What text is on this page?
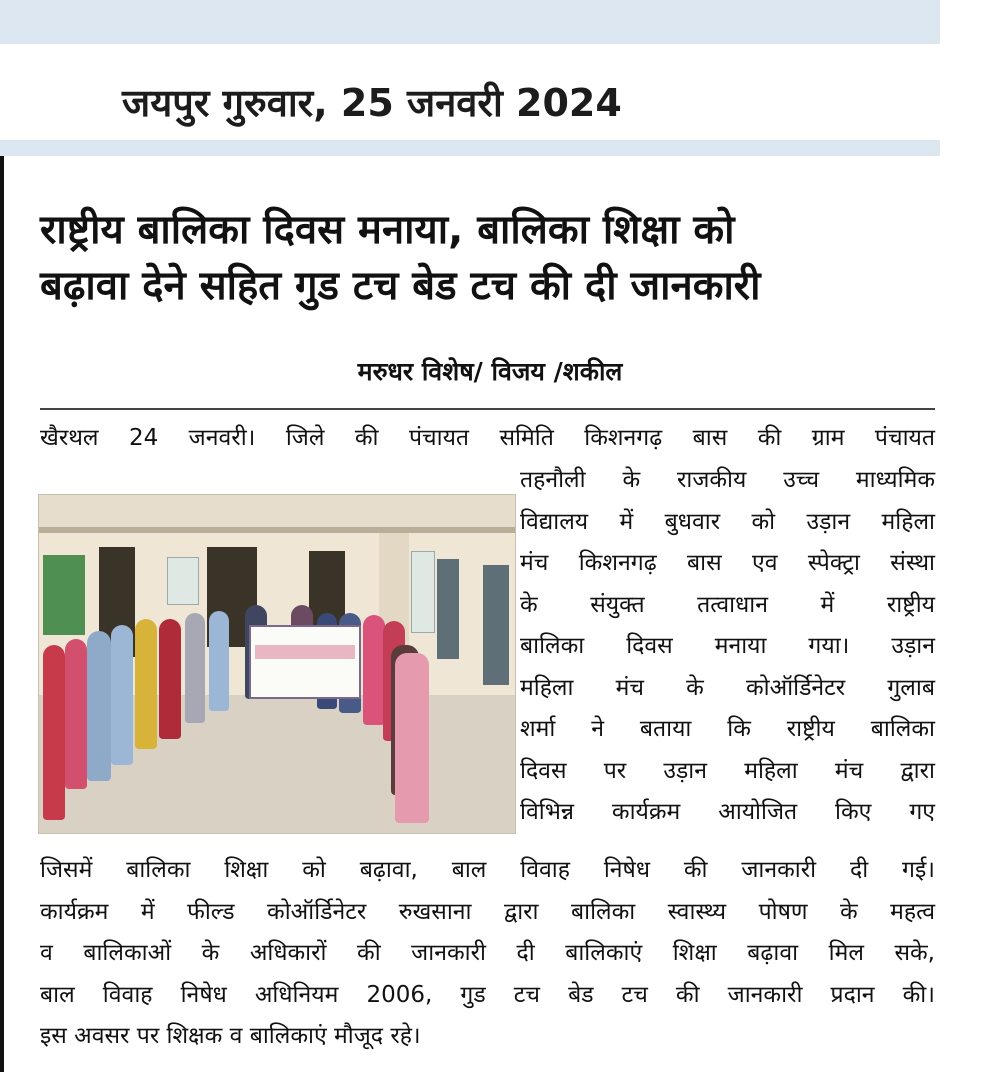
जयपुर गुरुवार, 25 जनवरी 2024
राष्ट्रीय बालिका दिवस मनाया, बालिका शिक्षा को
बढ़ावा देने सहित गुड टच बेड टच की दी जानकारी
मरुधर विशेष/ विजय /शकील
खैरथल 24 जनवरी। जिले की पंचायत समिति किशनगढ़ बास की ग्राम पंचायत
तहनौली के राजकीय उच्च माध्यमिक
विद्यालय में बुधवार को उड़ान महिला
मंच किशनगढ़ बास एव स्पेक्ट्रा संस्था
के संयुक्त तत्वाधान में राष्ट्रीय
बालिका दिवस मनाया गया। उड़ान
महिला मंच के कोऑर्डिनेटर गुलाब
शर्मा ने बताया कि राष्ट्रीय बालिका
दिवस पर उड़ान महिला मंच द्वारा
विभिन्न कार्यक्रम आयोजित किए गए
जिसमें बालिका शिक्षा को बढ़ावा, बाल विवाह निषेध की जानकारी दी गई।
कार्यक्रम में फील्ड कोऑर्डिनेटर रुखसाना द्वारा बालिका स्वास्थ्य पोषण के महत्व
व बालिकाओं के अधिकारों की जानकारी दी बालिकाएं शिक्षा बढ़ावा मिल सके,
बाल विवाह निषेध अधिनियम 2006, गुड टच बेड टच की जानकारी प्रदान की।
इस अवसर पर शिक्षक व बालिकाएं मौजूद रहे।
